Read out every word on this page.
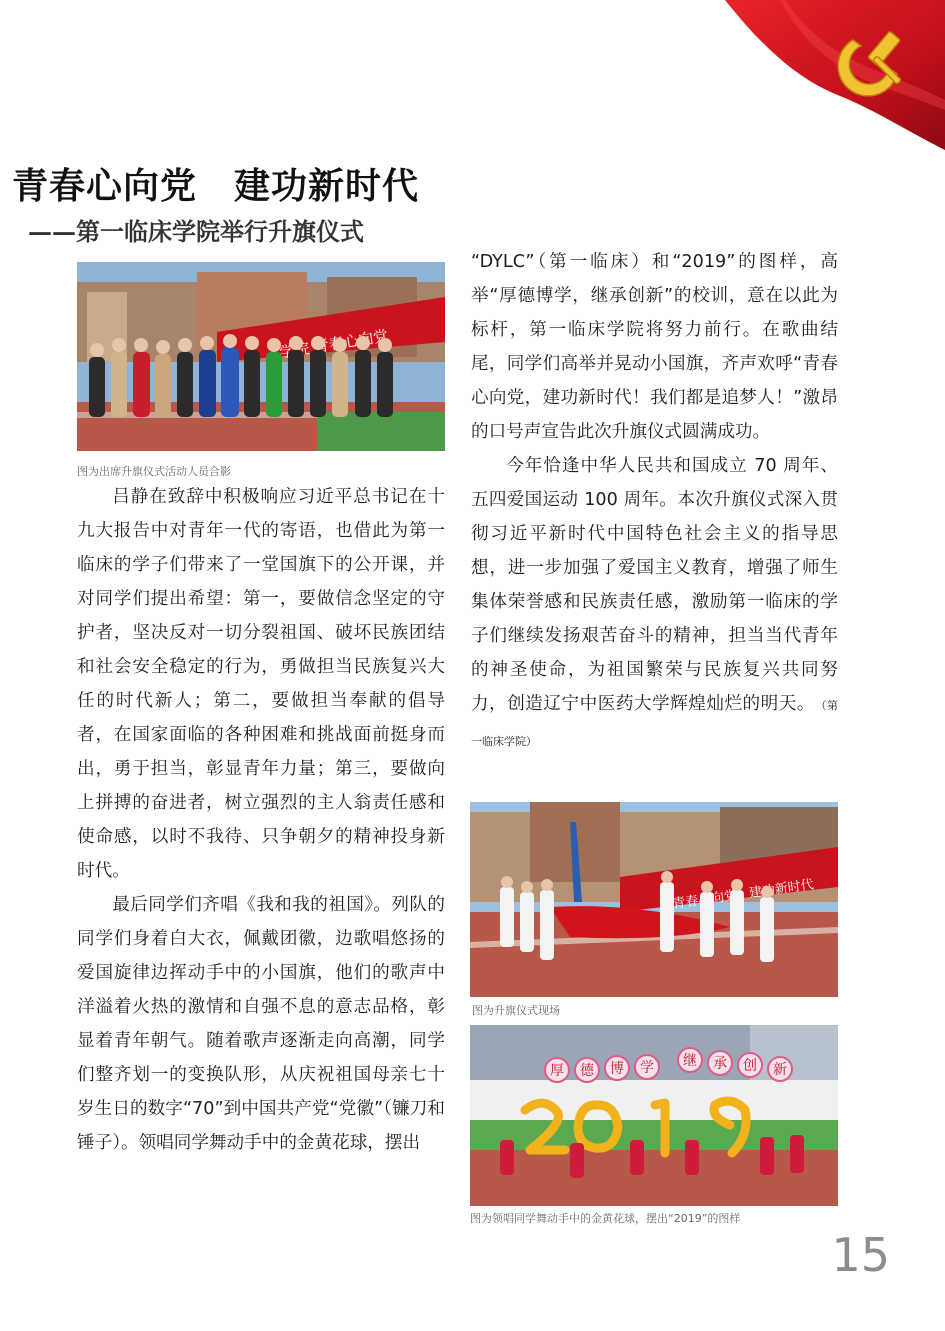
青春心向党　建功新时代
——第一临床学院举行升旗仪式
青春心向党
图为出席升旗仪式活动人员合影

吕静在致辞中积极响应习近平总书记在十九大报告中对青年一代的寄语，也借此为第一临床的学子们带来了一堂国旗下的公开课，并对同学们提出希望：第一，要做信念坚定的守护者，坚决反对一切分裂祖国、破坏民族团结和社会安全稳定的行为，勇做担当民族复兴大任的时代新人；第二，要做担当奉献的倡导者，在国家面临的各种困难和挑战面前挺身而出，勇于担当，彰显青年力量；第三，要做向上拼搏的奋进者，树立强烈的主人翁责任感和使命感，以时不我待、只争朝夕的精神投身新时代。

最后同学们齐唱《我和我的祖国》。列队的同学们身着白大衣，佩戴团徽，边歌唱悠扬的爱国旋律边挥动手中的小国旗，他们的歌声中洋溢着火热的激情和自强不息的意志品格，彰显着青年朝气。随着歌声逐渐走向高潮，同学们整齐划一的变换队形，从庆祝祖国母亲七十岁生日的数字“70”到中国共产党“党徽”（镰刀和锤子）。领唱同学舞动手中的金黄花球，摆出

“DYLC”（第一临床）和“2019”的图样，高举“厚德博学，继承创新”的校训，意在以此为标杆，第一临床学院将努力前行。在歌曲结尾，同学们高举并晃动小国旗，齐声欢呼“青春心向党，建功新时代！我们都是追梦人！”激昂的口号声宣告此次升旗仪式圆满成功。

今年恰逢中华人民共和国成立 70 周年、五四爱国运动 100 周年。本次升旗仪式深入贯彻习近平新时代中国特色社会主义的指导思想，进一步加强了爱国主义教育，增强了师生集体荣誉感和民族责任感，激励第一临床的学子们继续发扬艰苦奋斗的精神，担当当代青年的神圣使命，为祖国繁荣与民族复兴共同努力，创造辽宁中医药大学辉煌灿烂的明天。 （第一临床学院）

建功新时代
图为升旗仪式现场
厚 德 博 学 继 承 创 新
图为领唱同学舞动手中的金黄花球，摆出“2019”的图样
15
